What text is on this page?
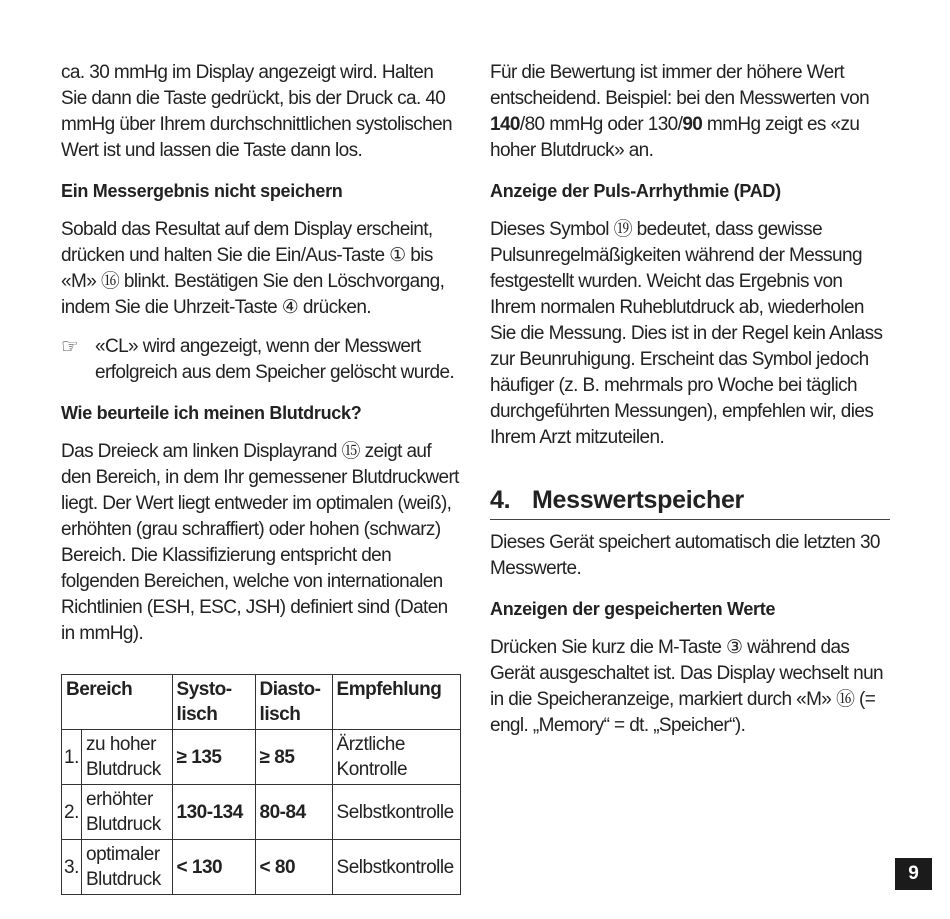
ca. 30 mmHg im Display angezeigt wird. Halten Sie dann die Taste gedrückt, bis der Druck ca. 40 mmHg über Ihrem durchschnittlichen systolischen Wert ist und lassen die Taste dann los.

Ein Messergebnis nicht speichern

Sobald das Resultat auf dem Display erscheint, drücken und halten Sie die Ein/Aus-Taste ① bis «M» ⑯ blinkt. Bestätigen Sie den Löschvorgang, indem Sie die Uhrzeit-Taste ④ drücken.

☞ «CL» wird angezeigt, wenn der Messwert erfolgreich aus dem Speicher gelöscht wurde.

Wie beurteile ich meinen Blutdruck?

Das Dreieck am linken Displayrand ⑮ zeigt auf den Bereich, in dem Ihr gemessener Blutdruckwert liegt. Der Wert liegt entweder im optimalen (weiß), erhöhten (grau schraffiert) oder hohen (schwarz) Bereich. Die Klassifizierung entspricht den folgenden Bereichen, welche von internationalen Richtlinien (ESH, ESC, JSH) definiert sind (Daten in mmHg).

Bereich		Systo-lisch	Diasto-lisch	Empfehlung
1.	zu hoher Blutdruck	≥ 135	≥ 85	Ärztliche Kontrolle
2.	erhöhter Blutdruck	130-134	80-84	Selbstkontrolle
3.	optimaler Blutdruck	< 130	< 80	Selbstkontrolle

Für die Bewertung ist immer der höhere Wert entscheidend. Beispiel: bei den Messwerten von 140/80 mmHg oder 130/90 mmHg zeigt es «zu hoher Blutdruck» an.

Anzeige der Puls-Arrhythmie (PAD)

Dieses Symbol ⑲ bedeutet, dass gewisse Pulsunregelmäßigkeiten während der Messung festgestellt wurden. Weicht das Ergebnis von Ihrem normalen Ruheblutdruck ab, wiederholen Sie die Messung. Dies ist in der Regel kein Anlass zur Beunruhigung. Erscheint das Symbol jedoch häufiger (z. B. mehrmals pro Woche bei täglich durchgeführten Messungen), empfehlen wir, dies Ihrem Arzt mitzuteilen.

4. Messwertspeicher

Dieses Gerät speichert automatisch die letzten 30 Messwerte.

Anzeigen der gespeicherten Werte

Drücken Sie kurz die M-Taste ③ während das Gerät ausgeschaltet ist. Das Display wechselt nun in die Speicheranzeige, markiert durch «M» ⑯ (= engl. „Memory“ = dt. „Speicher“).

9
